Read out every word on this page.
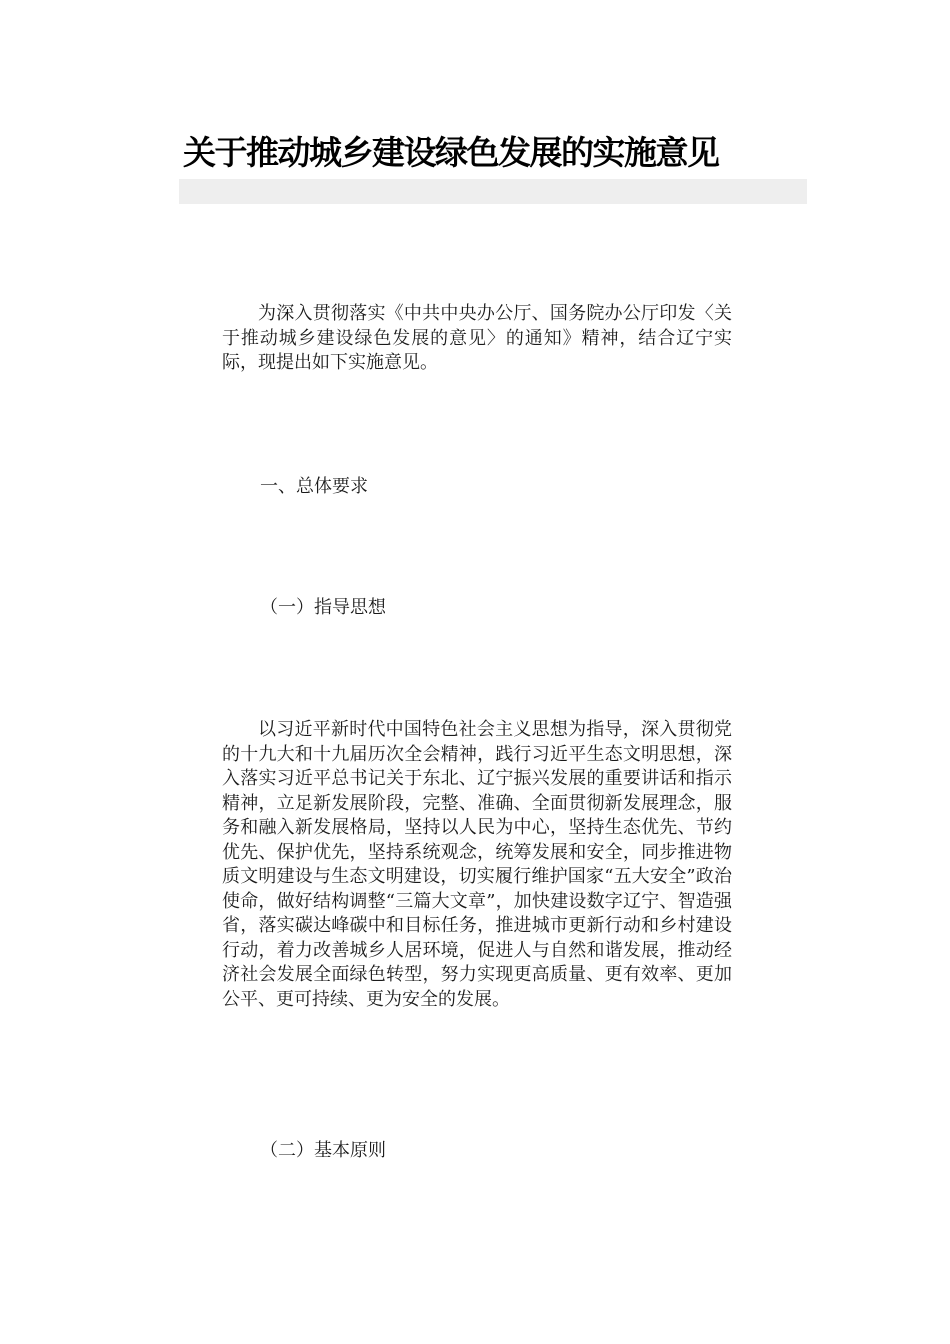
关于推动城乡建设绿色发展的实施意见

为深入贯彻落实《中共中央办公厅、国务院办公厅印发〈关于推动城乡建设绿色发展的意见〉的通知》精神，结合辽宁实际，现提出如下实施意见。

一、总体要求

（一）指导思想

以习近平新时代中国特色社会主义思想为指导，深入贯彻党的十九大和十九届历次全会精神，践行习近平生态文明思想，深入落实习近平总书记关于东北、辽宁振兴发展的重要讲话和指示精神，立足新发展阶段，完整、准确、全面贯彻新发展理念，服务和融入新发展格局，坚持以人民为中心，坚持生态优先、节约优先、保护优先，坚持系统观念，统筹发展和安全，同步推进物质文明建设与生态文明建设，切实履行维护国家“五大安全”政治使命，做好结构调整“三篇大文章”，加快建设数字辽宁、智造强省，落实碳达峰碳中和目标任务，推进城市更新行动和乡村建设行动，着力改善城乡人居环境，促进人与自然和谐发展，推动经济社会发展全面绿色转型，努力实现更高质量、更有效率、更加公平、更可持续、更为安全的发展。

（二）基本原则
